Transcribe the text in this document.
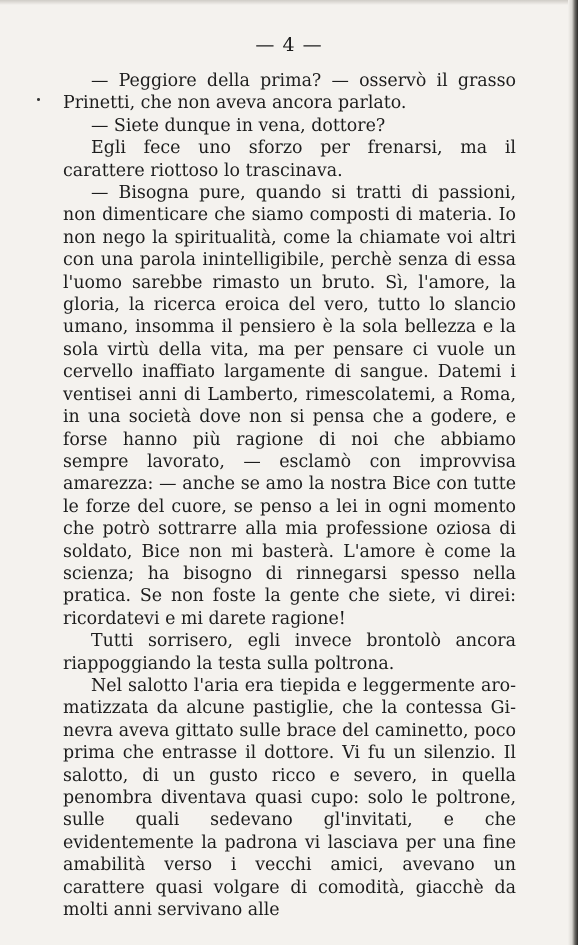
— 4 —

— Peggiore della prima? — osservò il grasso Prinetti, che non aveva ancora parlato.

— Siete dunque in vena, dottore?

Egli fece uno sforzo per frenarsi, ma il carattere riottoso lo trascinava.

— Bisogna pure, quando si tratti di passioni, non dimenticare che siamo composti di materia. Io non nego la spiritualità, come la chiamate voi altri con una parola inintelligibile, perchè senza di essa l'uomo sarebbe rimasto un bruto. Sì, l'amore, la gloria, la ricerca eroica del vero, tutto lo slancio umano, insomma il pensiero è la sola bellezza e la sola virtù della vita, ma per pensare ci vuole un cervello inaffiato largamente di sangue. Datemi i ventisei anni di Lamberto, rimescolatemi, a Roma, in una società dove non si pensa che a godere, e forse hanno più ragione di noi che abbiamo sempre lavorato, — esclamò con improvvisa amarezza: — anche se amo la nostra Bice con tutte le forze del cuore, se penso a lei in ogni momento che potrò sottrarre alla mia professione oziosa di soldato, Bice non mi basterà. L'amore è come la scienza; ha bisogno di rinnegarsi spesso nella pratica. Se non foste la gente che siete, vi direi: ricordatevi e mi darete ragione!

Tutti sorrisero, egli invece brontolò ancora riappoggiando la testa sulla poltrona.

Nel salotto l'aria era tiepida e leggermente aromatizzata da alcune pastiglie, che la contessa Ginevra aveva gittato sulle brace del caminetto, poco prima che entrasse il dottore. Vi fu un silenzio. Il salotto, di un gusto ricco e severo, in quella penombra diventava quasi cupo: solo le poltrone, sulle quali sedevano gl'invitati, e che evidentemente la padrona vi lasciava per una fine amabilità verso i vecchi amici, avevano un carattere quasi volgare di comodità, giacchè da molti anni servivano alle
